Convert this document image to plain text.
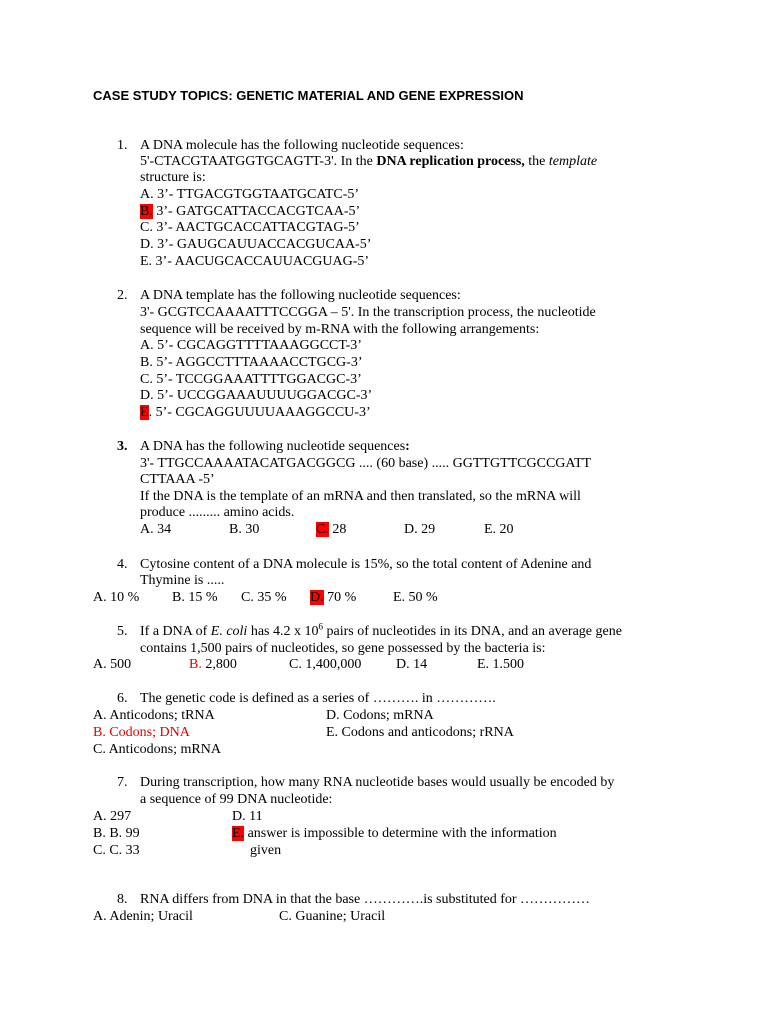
CASE STUDY TOPICS: GENETIC MATERIAL AND GENE EXPRESSION
1. A DNA molecule has the following nucleotide sequences:
5'-CTACGTAATGGTGCAGTT-3'. In the DNA replication process, the template
structure is:
A. 3’- TTGACGTGGTAATGCATC-5’
B. 3’- GATGCATTACCACGTCAA-5’
C. 3’- AACTGCACCATTACGTAG-5’
D. 3’- GAUGCAUUACCACGUCAA-5’
E. 3’- AACUGCACCAUUACGUAG-5’
2. A DNA template has the following nucleotide sequences:
3'- GCGTCCAAAATTTCCGGA – 5'. In the transcription process, the nucleotide
sequence will be received by m-RNA with the following arrangements:
A. 5’- CGCAGGTTTTAAAGGCCT-3’
B. 5’- AGGCCTTTAAAACCTGCG-3’
C. 5’- TCCGGAAATTTTGGACGC-3’
D. 5’- UCCGGAAAUUUUGGACGC-3’
E. 5’- CGCAGGUUUUAAAGGCCU-3’
3. A DNA has the following nucleotide sequences:
3'- TTGCCAAAATACATGACGGCG .... (60 base) ..... GGTTGTTCGCCGATT
CTTAAA -5’
If the DNA is the template of an mRNA and then translated, so the mRNA will
produce ......... amino acids.
A. 34	B. 30	C. 28	D. 29	E. 20
4. Cytosine content of a DNA molecule is 15%, so the total content of Adenine and
Thymine is .....
A. 10 % B. 15 % C. 35 % D. 70 %	E. 50 %
5. If a DNA of E. coli has 4.2 x $10^6$ pairs of nucleotides in its DNA, and an average gene
contains 1,500 pairs of nucleotides, so gene possessed by the bacteria is:
A. 500	B. 2,800	C. 1,400,000 D. 14	E. 1.500
6. The genetic code is defined as a series of ………. in ………….
A. Anticodons; tRNA
B. Codons; DNA
C. Anticodons; mRNA
D. Codons; mRNA
E. Codons and anticodons; rRNA
7. During transcription, how many RNA nucleotide bases would usually be encoded by
a sequence of 99 DNA nucleotide:
A. 297
B. B. 99
C. C. 33
D. 11
E. answer is impossible to determine with the information
given
8. RNA differs from DNA in that the base ………….is substituted for ……………
A. Adenin; Uracil	C. Guanine; Uracil
